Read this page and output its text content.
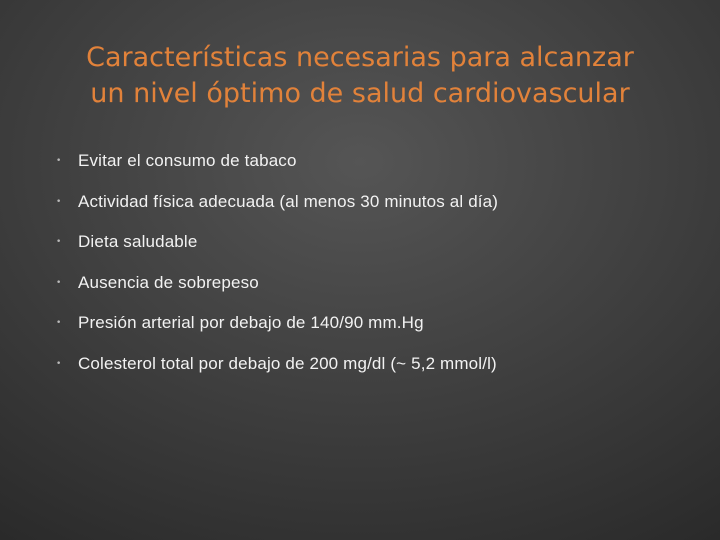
Características necesarias para alcanzar
un nivel óptimo de salud cardiovascular
• Evitar el consumo de tabaco
• Actividad física adecuada (al menos 30 minutos al día)
• Dieta saludable
• Ausencia de sobrepeso
• Presión arterial por debajo de 140/90 mm.Hg
• Colesterol total por debajo de 200 mg/dl (~ 5,2 mmol/l)
